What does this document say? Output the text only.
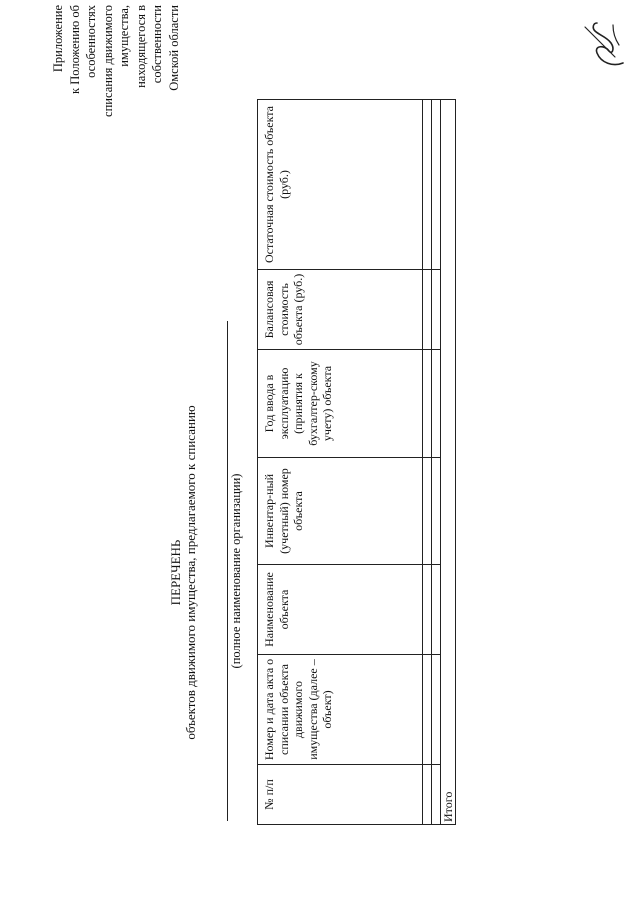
Приложение к Положению об особенностях списания движимого имущества, находящегося в собственности Омской области
ПЕРЕЧЕНЬ объектов движимого имущества, предлагаемого к списанию (полное наименование организации)
№ п/п	Номер и дата акта о списании объекта движимого имущества (далее – объект)	Наименование объекта	Инвентар-ный (учетный) номер объекта	Год ввода в эксплуатацию (принятия к бухгалтер-скому учету) объекта	Балансовая стоимость объекта (руб.)	Остаточная стоимость объекта (руб.)

Итого						
